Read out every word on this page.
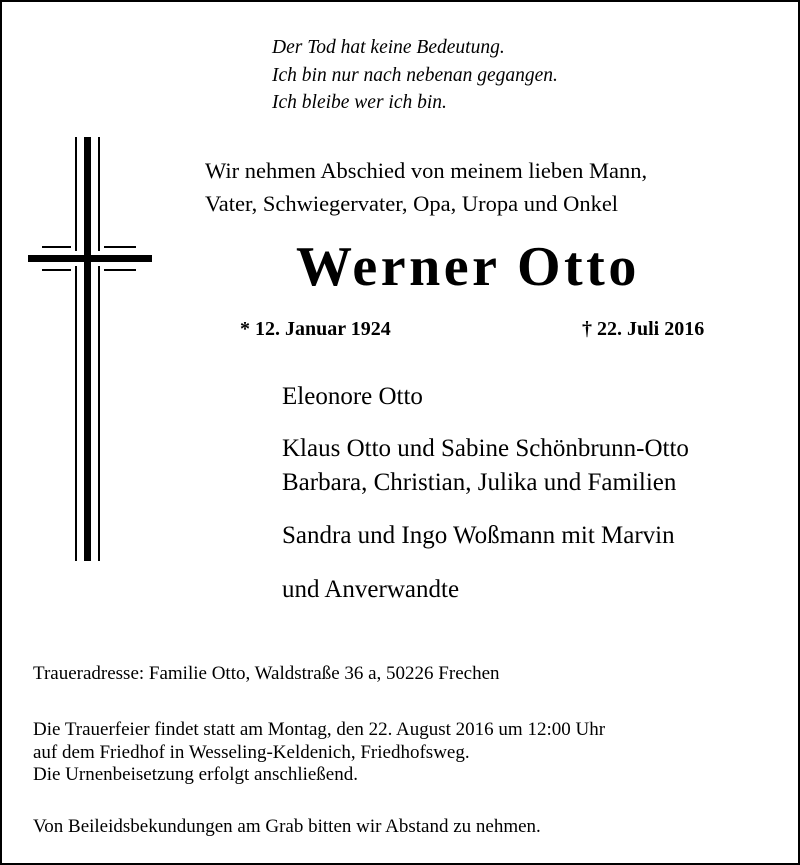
Der Tod hat keine Bedeutung.
Ich bin nur nach nebenan gegangen.
Ich bleibe wer ich bin.
Wir nehmen Abschied von meinem lieben Mann,
Vater, Schwiegervater, Opa, Uropa und Onkel
Werner Otto
* 12. Januar 1924	† 22. Juli 2016
Eleonore Otto
Klaus Otto und Sabine Schönbrunn-Otto
Barbara, Christian, Julika und Familien
Sandra und Ingo Woßmann mit Marvin
und Anverwandte
Traueradresse: Familie Otto, Waldstraße 36 a, 50226 Frechen
Die Trauerfeier findet statt am Montag, den 22. August 2016 um 12:00 Uhr
auf dem Friedhof in Wesseling-Keldenich, Friedhofsweg.
Die Urnenbeisetzung erfolgt anschließend.
Von Beileidsbekundungen am Grab bitten wir Abstand zu nehmen.
